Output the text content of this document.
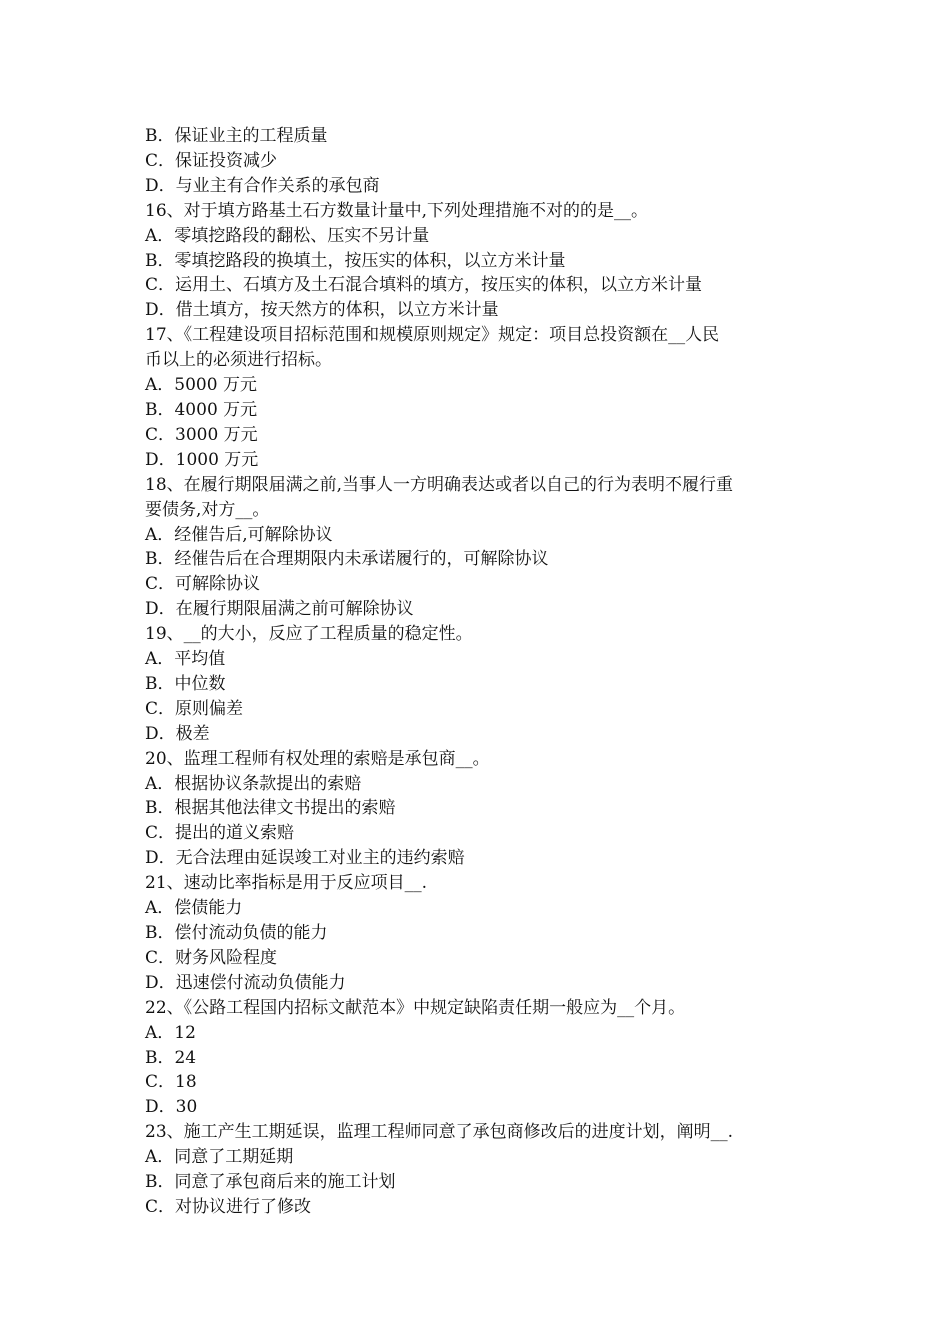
B．保证业主的工程质量

C．保证投资减少

D．与业主有合作关系的承包商

16、对于填方路基土石方数量计量中,下列处理措施不对的的是__。

A．零填挖路段的翻松、压实不另计量

B．零填挖路段的换填土，按压实的体积，以立方米计量

C．运用土、石填方及土石混合填料的填方，按压实的体积，以立方米计量

D．借土填方，按天然方的体积，以立方米计量

17、《工程建设项目招标范围和规模原则规定》规定：项目总投资额在__人民

币以上的必须进行招标。

A．5000 万元

B．4000 万元

C．3000 万元

D．1000 万元

18、在履行期限届满之前,当事人一方明确表达或者以自己的行为表明不履行重

要债务,对方__。

A．经催告后,可解除协议

B．经催告后在合理期限内未承诺履行的，可解除协议

C．可解除协议

D．在履行期限届满之前可解除协议

19、__的大小，反应了工程质量的稳定性。

A．平均值

B．中位数

C．原则偏差

D．极差

20、监理工程师有权处理的索赔是承包商__。

A．根据协议条款提出的索赔

B．根据其他法律文书提出的索赔

C．提出的道义索赔

D．无合法理由延误竣工对业主的违约索赔

21、速动比率指标是用于反应项目__.

A．偿债能力

B．偿付流动负债的能力

C．财务风险程度

D．迅速偿付流动负债能力

22、《公路工程国内招标文献范本》中规定缺陷责任期一般应为__个月。

A．12

B．24

C．18

D．30

23、施工产生工期延误，监理工程师同意了承包商修改后的进度计划，阐明__.

A．同意了工期延期

B．同意了承包商后来的施工计划

C．对协议进行了修改
